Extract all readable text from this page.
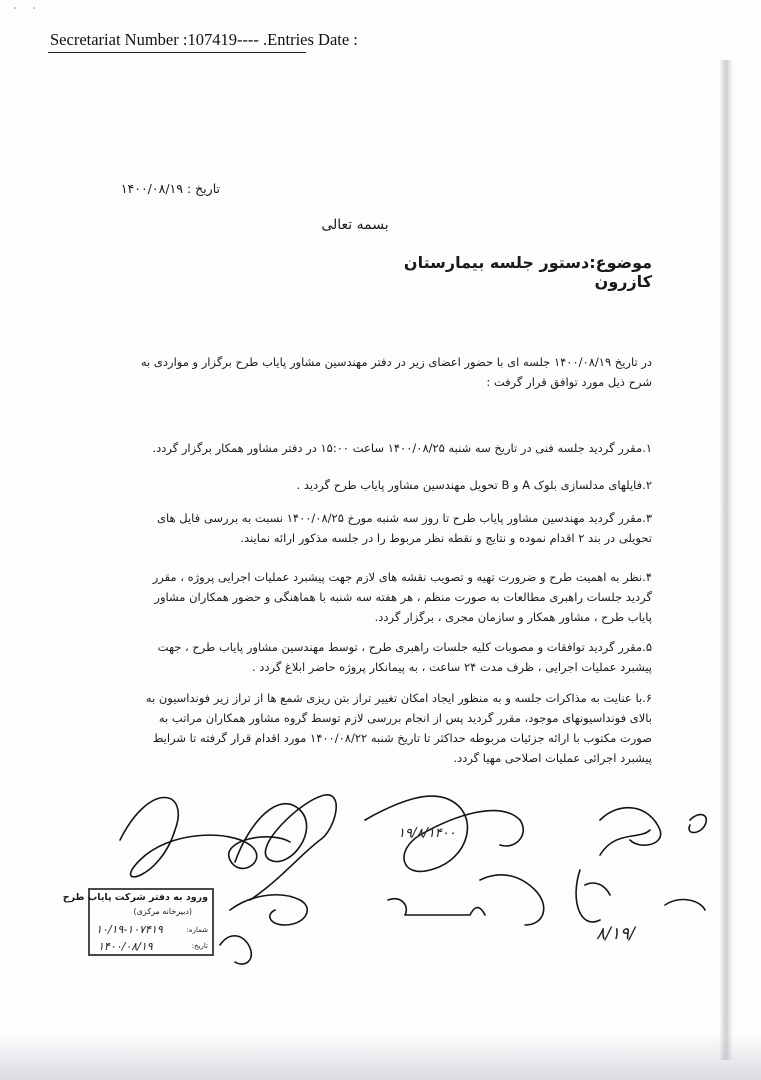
Secretariat Number :107419---- .Entries Date :
تاریخ : ۱۴۰۰/۰۸/۱۹
بسمه تعالی
موضوع:دستور جلسه بیمارستان کازرون
در تاریخ ۱۴۰۰/۰۸/۱۹ جلسه ای با حضور اعضای زیر در دفتر مهندسین مشاور پایاب طرح برگزار و مواردی به شرح ذیل مورد توافق قرار گرفت :
۱.مقرر گردید جلسه فنی در تاریخ سه شنبه ۱۴۰۰/۰۸/۲۵ ساعت ۱۵:۰۰ در دفتر مشاور همکار برگزار گردد.
۲.فایلهای مدلسازی بلوک A و B تحویل مهندسین مشاور پایاب طرح گردید .
۳.مقرر گردید مهندسین مشاور پایاب طرح تا روز سه شنبه مورخ ۱۴۰۰/۰۸/۲۵ نسبت به بررسی فایل های تحویلی در بند ۲ اقدام نموده و نتایج و نقطه نظر مربوط را در جلسه مذکور ارائه نمایند.
۴.نظر به اهمیت طرح و ضرورت تهیه و تصویب نقشه های لازم جهت پیشبرد عملیات اجرایی پروژه ، مقرر گردید جلسات راهبری مطالعات به صورت منظم ، هر هفته سه شنبه با هماهنگی و حضور همکاران مشاور پایاب طرح ، مشاور همکار و سازمان مجری ، برگزار گردد.
۵.مقرر گردید توافقات و مصوبات کلیه جلسات راهبری طرح ، توسط مهندسین مشاور پایاب طرح ، جهت پیشبرد عملیات اجرایی ، ظرف مدت ۲۴ ساعت ، به پیمانکار پروژه حاضر ابلاغ گردد .
۶.با عنایت به مذاکرات جلسه و به منظور ایجاد امکان تغییر تراز بتن ریزی شمع ها از تراز زیر فونداسیون به بالای فونداسیونهای موجود، مقرر گردید پس از انجام بررسی لازم توسط گروه مشاور همکاران مراتب به صورت مکتوب با ارائه جزئیات مربوطه حداکثر تا تاریخ شنبه ۱۴۰۰/۰۸/۲۲ مورد اقدام قرار گرفته تا شرایط پیشبرد اجرائی عملیات اصلاحی مهیا گردد.
۱۹/۸/۱۴۰۰
۸/۱۹/
ورود به دفتر شرکت پایاب طرح
(دبیرخانه مرکزی)
شماره:
تاریخ:
۱۰/۱۹-۱۰۷۴۱۹
۱۴۰۰/۰۸/۱۹
